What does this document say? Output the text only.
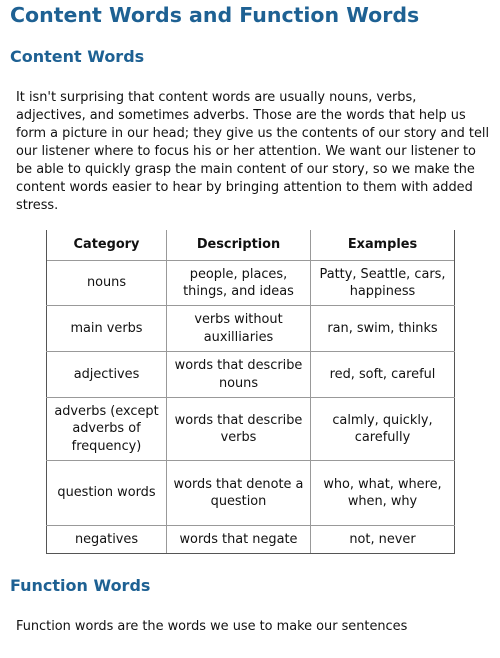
Content Words and Function Words
Content Words
It isn't surprising that content words are usually nouns, verbs, adjectives, and sometimes adverbs. Those are the words that help us form a picture in our head; they give us the contents of our story and tell our listener where to focus his or her attention. We want our listener to be able to quickly grasp the main content of our story, so we make the content words easier to hear by bringing attention to them with added stress.
Category	Description	Examples
nouns	people, places, things, and ideas	Patty, Seattle, cars, happiness
main verbs	verbs without auxilliaries	ran, swim, thinks
adjectives	words that describe nouns	red, soft, careful
adverbs (except adverbs of frequency)	words that describe verbs	calmly, quickly, carefully
question words	words that denote a question	who, what, where, when, why
negatives	words that negate	not, never
Function Words
Function words are the words we use to make our sentences
